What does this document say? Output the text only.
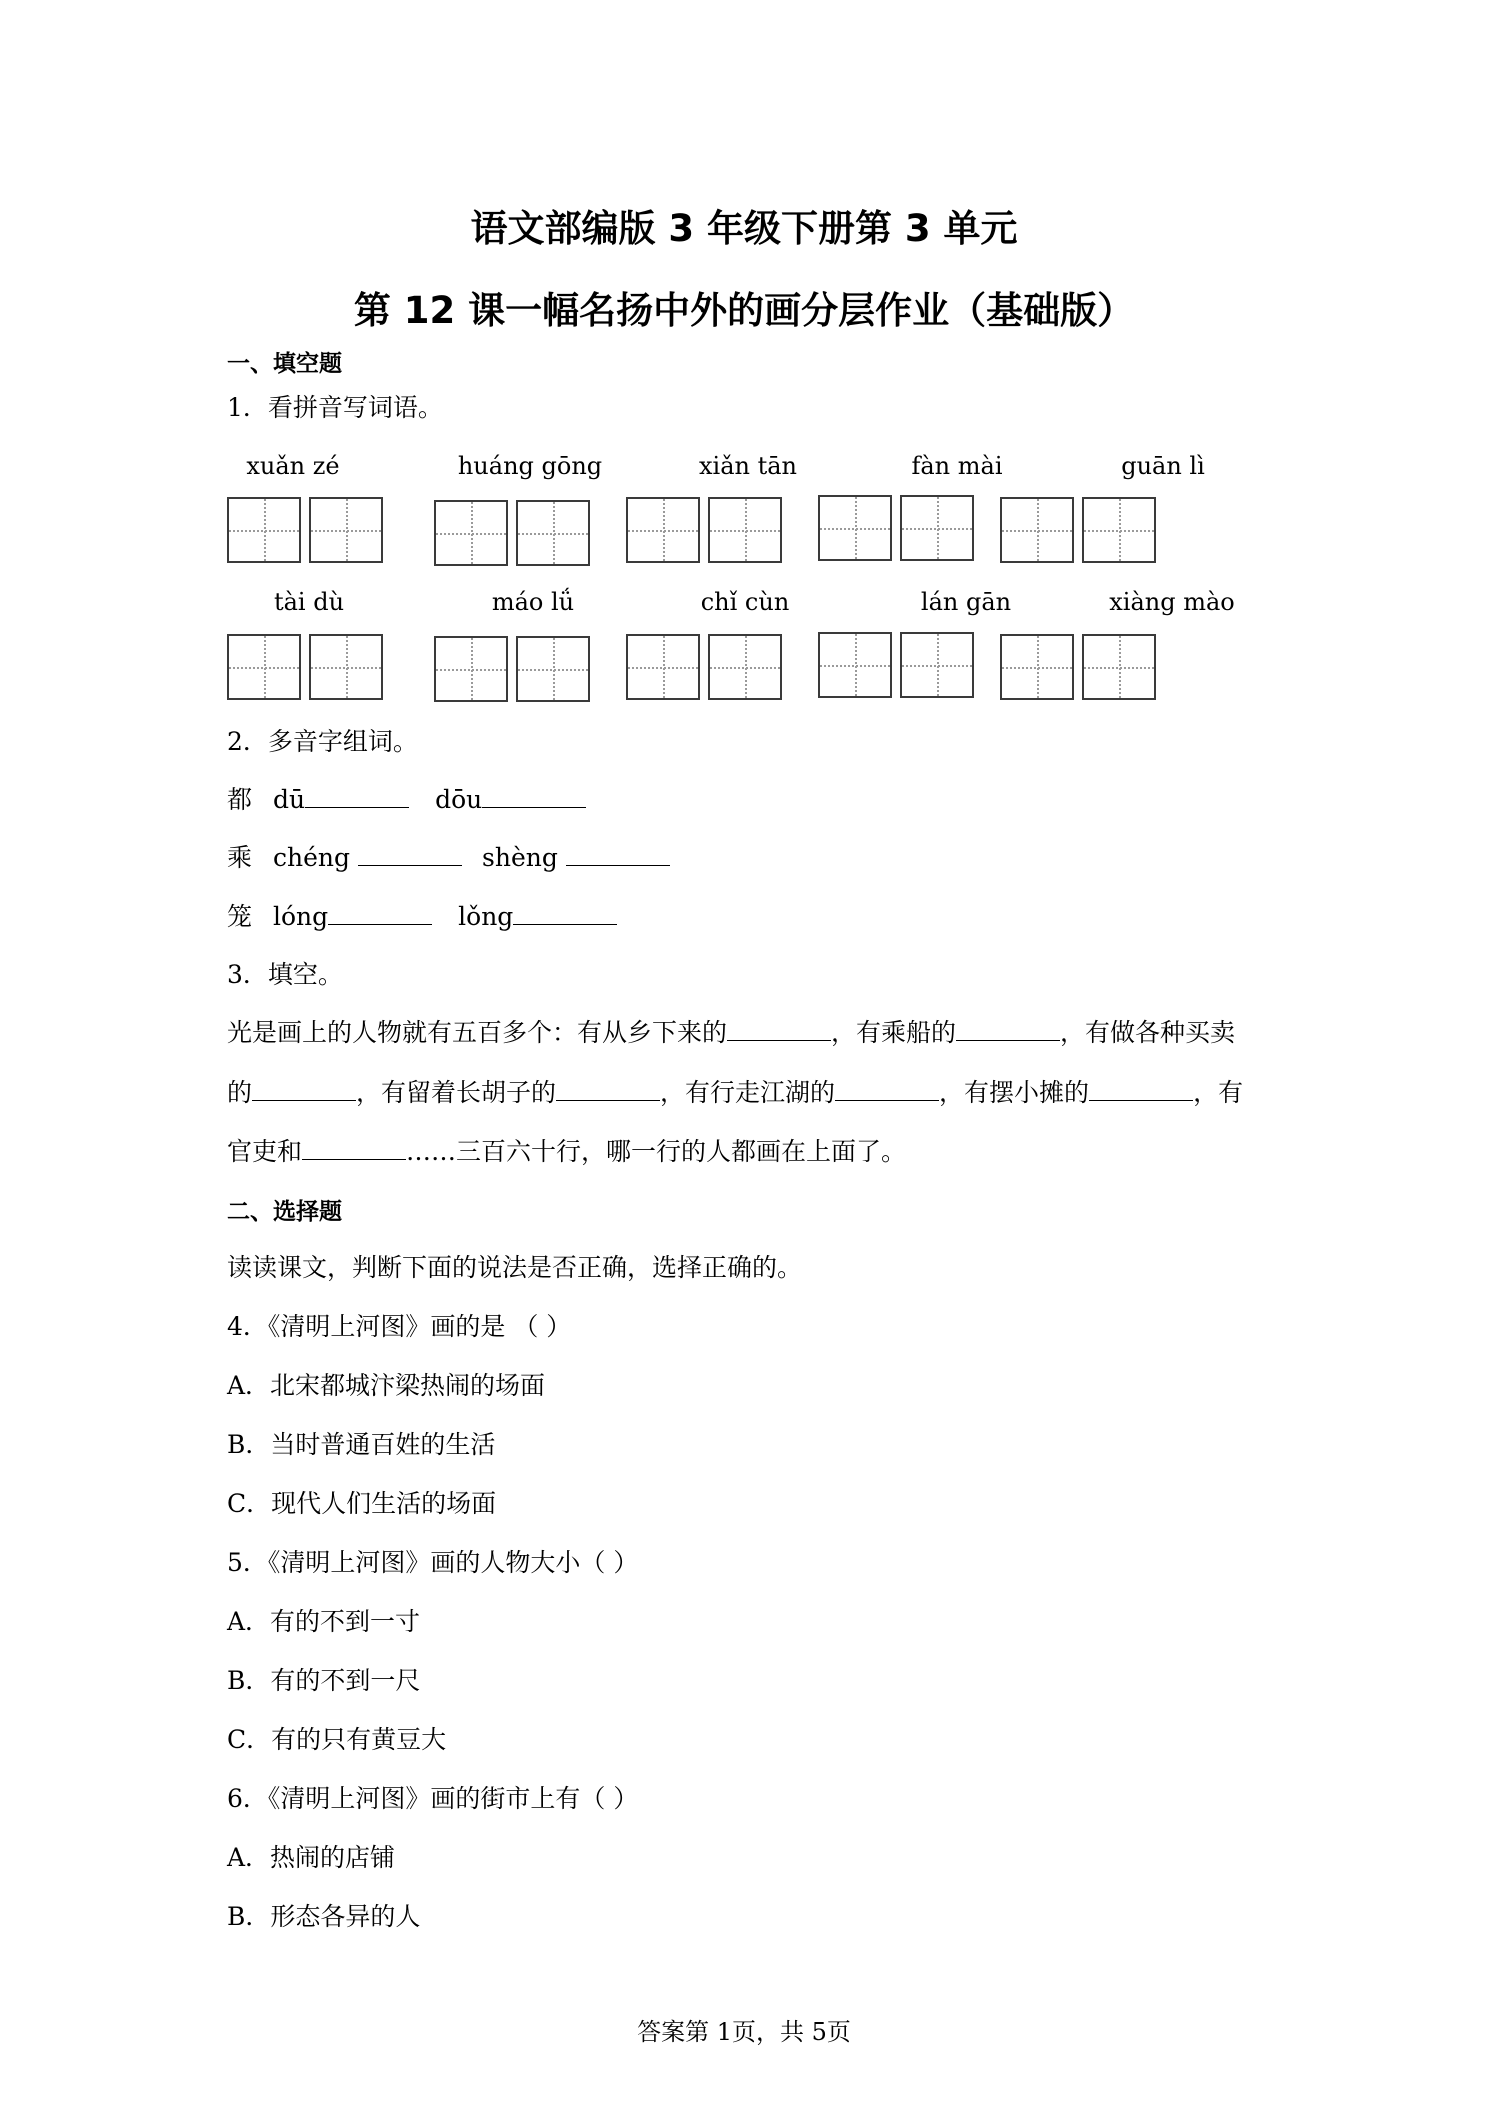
语文部编版 3 年级下册第 3 单元
第 12 课一幅名扬中外的画分层作业（基础版）
一、填空题
1．看拼音写词语。
xuǎn zé	huáng gōng	xiǎn tān	fàn mài	guān lì
tài dù	máo lǘ	chǐ cùn	lán gān	xiàng mào
2．多音字组词。
都 dū	dōu
乘 chéng	shèng
笼 lóng	lǒng
3．填空。
光是画上的人物就有五百多个：有从乡下来的	，有乘船的	，有做各种买卖
的	，有留着长胡子的	，有行走江湖的	，有摆小摊的	，有
官吏和	……三百六十行，哪一行的人都画在上面了。
二、选择题
读读课文，判断下面的说法是否正确，选择正确的。
4．《清明上河图》画的是 （ ）
A．北宋都城汴梁热闹的场面
B．当时普通百姓的生活
C．现代人们生活的场面
5．《清明上河图》画的人物大小（ ）
A．有的不到一寸
B．有的不到一尺
C．有的只有黄豆大
6．《清明上河图》画的街市上有（ ）
A．热闹的店铺
B．形态各异的人
答案第 1页，共 5页
